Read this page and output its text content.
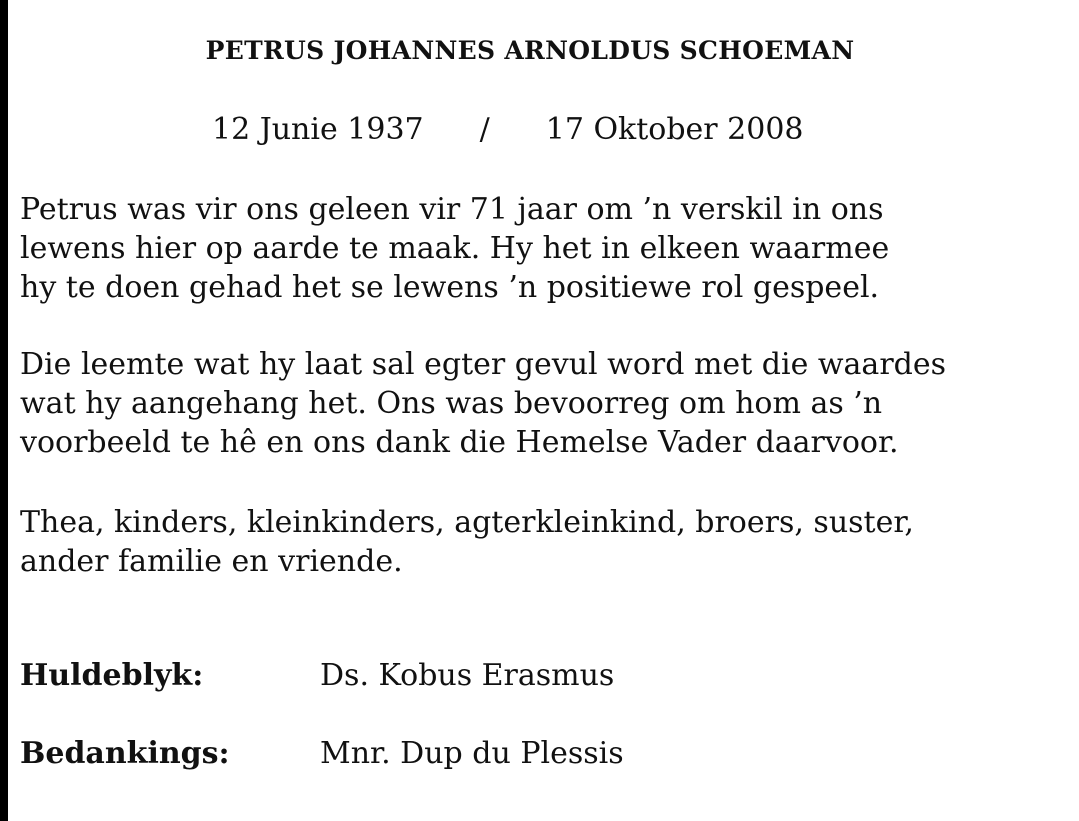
PETRUS JOHANNES ARNOLDUS SCHOEMAN
12 Junie 1937 / 17 Oktober 2008

Petrus was vir ons geleen vir 71 jaar om ’n verskil in ons
lewens hier op aarde te maak. Hy het in elkeen waarmee
hy te doen gehad het se lewens ’n positiewe rol gespeel.

Die leemte wat hy laat sal egter gevul word met die waardes
wat hy aangehang het. Ons was bevoorreg om hom as ’n
voorbeeld te hê en ons dank die Hemelse Vader daarvoor.

Thea, kinders, kleinkinders, agterkleinkind, broers, suster,
ander familie en vriende.

Huldeblyk:	Ds. Kobus Erasmus
Bedankings:	Mnr. Dup du Plessis
